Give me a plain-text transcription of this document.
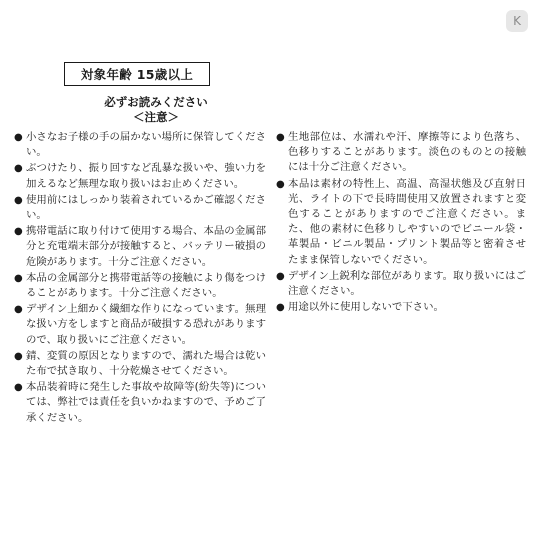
K
対象年齢 15歳以上
必ずお読みください
＜注意＞
● 小さなお子様の手の届かない場所に保管してください。
● ぶつけたり、振り回すなど乱暴な扱いや、強い力を加えるなど無理な取り扱いはお止めください。
● 使用前にはしっかり装着されているかご確認ください。
● 携帯電話に取り付けて使用する場合、本品の金属部分と充電端末部分が接触すると、バッテリー破損の危険があります。十分ご注意ください。
● 本品の金属部分と携帯電話等の接触により傷をつけることがあります。十分ご注意ください。
● デザイン上細かく繊細な作りになっています。無理な扱い方をしますと商品が破損する恐れがありますので、取り扱いにご注意ください。
● 錆、変質の原因となりますので、濡れた場合は乾いた布で拭き取り、十分乾燥させてください。
● 本品装着時に発生した事故や故障等(紛失等)については、弊社では責任を負いかねますので、予めご了承ください。
● 生地部位は、水濡れや汗、摩擦等により色落ち、色移りすることがあります。淡色のものとの接触には十分ご注意ください。
● 本品は素材の特性上、高温、高湿状態及び直射日光、ライトの下で長時間使用又放置されますと変色することがありますのでご注意ください。また、他の素材に色移りしやすいのでビニール袋・革製品・ビニル製品・プリント製品等と密着させたまま保管しないでください。
● デザイン上鋭利な部位があります。取り扱いにはご注意ください。
● 用途以外に使用しないで下さい。
